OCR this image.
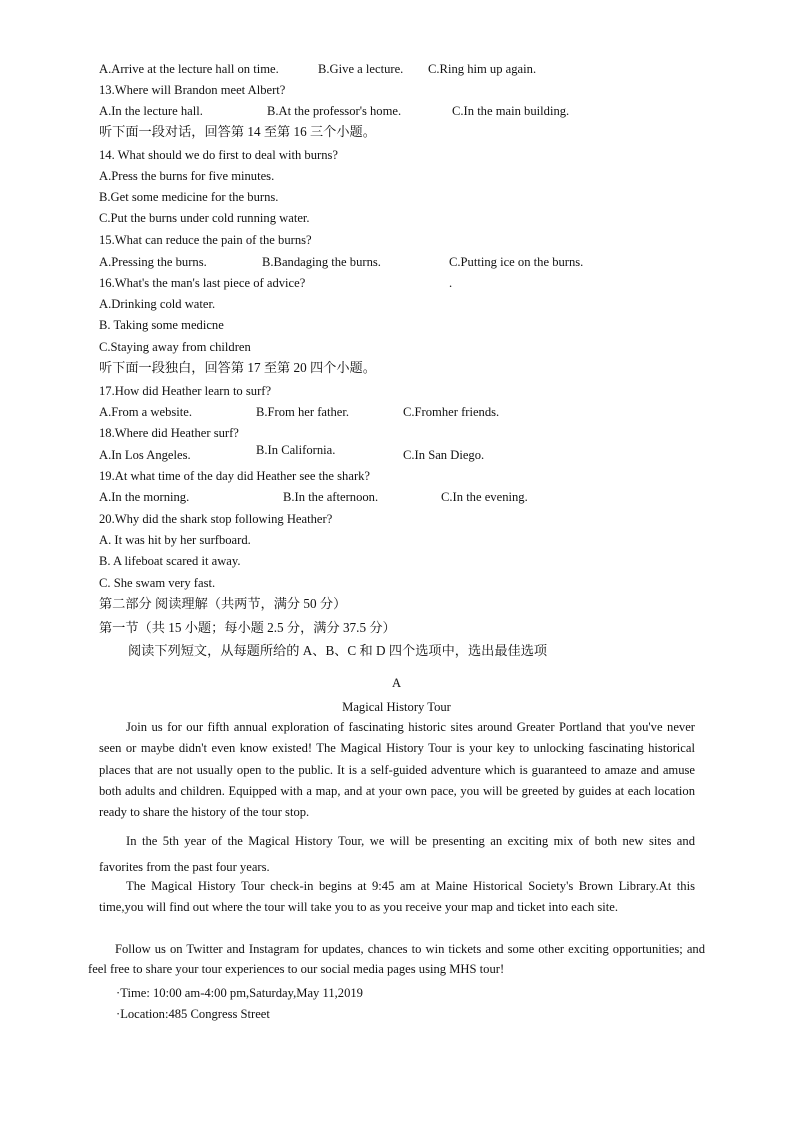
A.Arrive at the lecture hall on time.	B.Give a lecture. C.Ring him up again.
13.Where will Brandon meet Albert?
A.In the lecture hall.	B.At the professor's home.	C.In the main building.
听下面一段对话，回答第 14 至第 16 三个小题。
14. What should we do first to deal with burns?
A.Press the burns for five minutes.
B.Get some medicine for the burns.
C.Put the burns under cold running water.
15.What can reduce the pain of the burns?
A.Pressing the burns.	B.Bandaging the burns.	C.Putting ice on the burns.
16.What's the man's last piece of advice?	.
A.Drinking cold water.
B. Taking some medicne
C.Staying away from children
听下面一段独白，回答第 17 至第 20 四个小题。
17.How did Heather learn to surf?
A.From a website.	B.From her father.	C.Fromher friends.
18.Where did Heather surf?
A.In Los Angeles.	B.In California.	C.In San Diego.
19.At what time of the day did Heather see the shark?
A.In the morning.	B.In the afternoon.	C.In the evening.
20.Why did the shark stop following Heather?
A. It was hit by her surfboard.
B. A lifeboat scared it away.
C. She swam very fast.
第二部分 阅读理解（共两节，满分 50 分）
第一节（共 15 小题；每小题 2.5 分，满分 37.5 分）
阅读下列短文，从每题所给的 A、B、C 和 D 四个选项中，选出最佳选项
A
Magical History Tour
Join us for our fifth annual exploration of fascinating historic sites around Greater Portland that you've never seen or maybe didn't even know existed! The Magical History Tour is your key to unlocking fascinating historical places that are not usually open to the public. It is a self-guided adventure which is guaranteed to amaze and amuse both adults and children. Equipped with a map, and at your own pace, you will be greeted by guides at each location ready to share the history of the tour stop.
In the 5th year of the Magical History Tour, we will be presenting an exciting mix of both new sites and favorites from the past four years.
The Magical History Tour check-in begins at 9:45 am at Maine Historical Society's Brown Library.At this time,you will find out where the tour will take you to as you receive your map and ticket into each site.
Follow us on Twitter and Instagram for updates, chances to win tickets and some other exciting opportunities; and feel free to share your tour experiences to our social media pages using MHS tour!
·Time: 10:00 am-4:00 pm,Saturday,May 11,2019
·Location:485 Congress Street
